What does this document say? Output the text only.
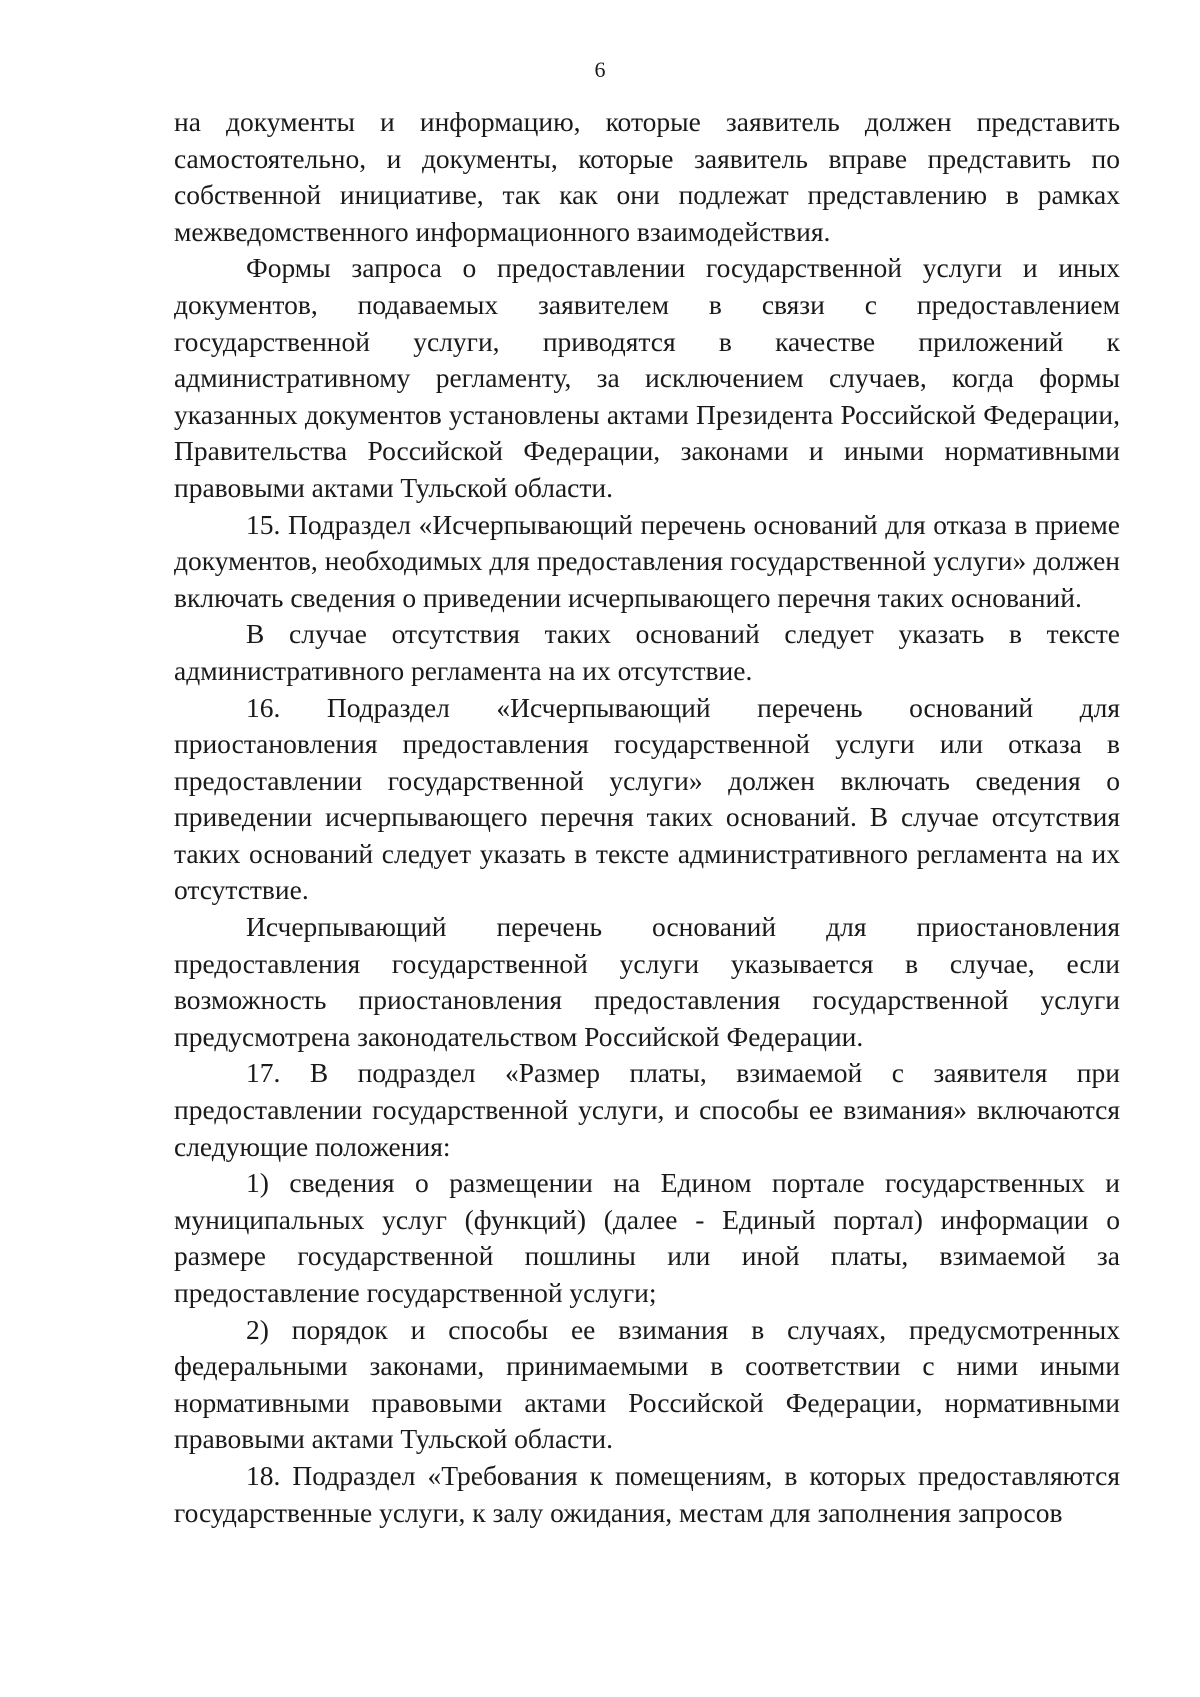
6

на документы и информацию, которые заявитель должен представить самостоятельно, и документы, которые заявитель вправе представить по собственной инициативе, так как они подлежат представлению в рамках межведомственного информационного взаимодействия.

Формы запроса о предоставлении государственной услуги и иных документов, подаваемых заявителем в связи с предоставлением государственной услуги, приводятся в качестве приложений к административному регламенту, за исключением случаев, когда формы указанных документов установлены актами Президента Российской Федерации, Правительства Российской Федерации, законами и иными нормативными правовыми актами Тульской области.

15. Подраздел «Исчерпывающий перечень оснований для отказа в приеме документов, необходимых для предоставления государственной услуги» должен включать сведения о приведении исчерпывающего перечня таких оснований.

В случае отсутствия таких оснований следует указать в тексте административного регламента на их отсутствие.

16. Подраздел «Исчерпывающий перечень оснований для приостановления предоставления государственной услуги или отказа в предоставлении государственной услуги» должен включать сведения о приведении исчерпывающего перечня таких оснований. В случае отсутствия таких оснований следует указать в тексте административного регламента на их отсутствие.

Исчерпывающий перечень оснований для приостановления предоставления государственной услуги указывается в случае, если возможность приостановления предоставления государственной услуги предусмотрена законодательством Российской Федерации.

17. В подраздел «Размер платы, взимаемой с заявителя при предоставлении государственной услуги, и способы ее взимания» включаются следующие положения:

1) сведения о размещении на Едином портале государственных и муниципальных услуг (функций) (далее - Единый портал) информации о размере государственной пошлины или иной платы, взимаемой за предоставление государственной услуги;

2) порядок и способы ее взимания в случаях, предусмотренных федеральными законами, принимаемыми в соответствии с ними иными нормативными правовыми актами Российской Федерации, нормативными правовыми актами Тульской области.

18. Подраздел «Требования к помещениям, в которых предоставляются государственные услуги, к залу ожидания, местам для заполнения запросов
